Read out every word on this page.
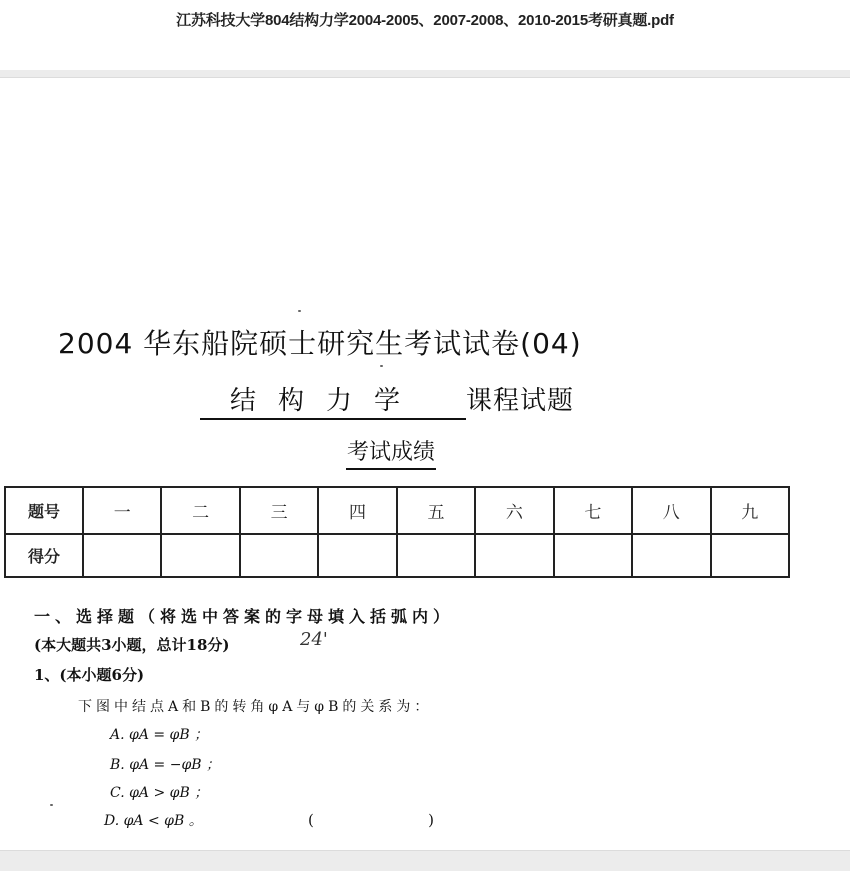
江苏科技大学804结构力学2004-2005、2007-2008、2010-2015考研真题.pdf
2004 华东船院硕士研究生考试试卷(04)
结构力学 课程试题
考试成绩
题号	一	二	三	四	五	六	七	八	九
得分									
一、选择题（将选中答案的字母填入括弧内）
(本大题共3小题，总计18分)	24'
1、(本小题6分)
下图中结点A和B的转角φA与φB的关系为：
A. φA = φB ；
B. φA = −φB ；
C. φA > φB ；
D. φA < φB 。	(	)
